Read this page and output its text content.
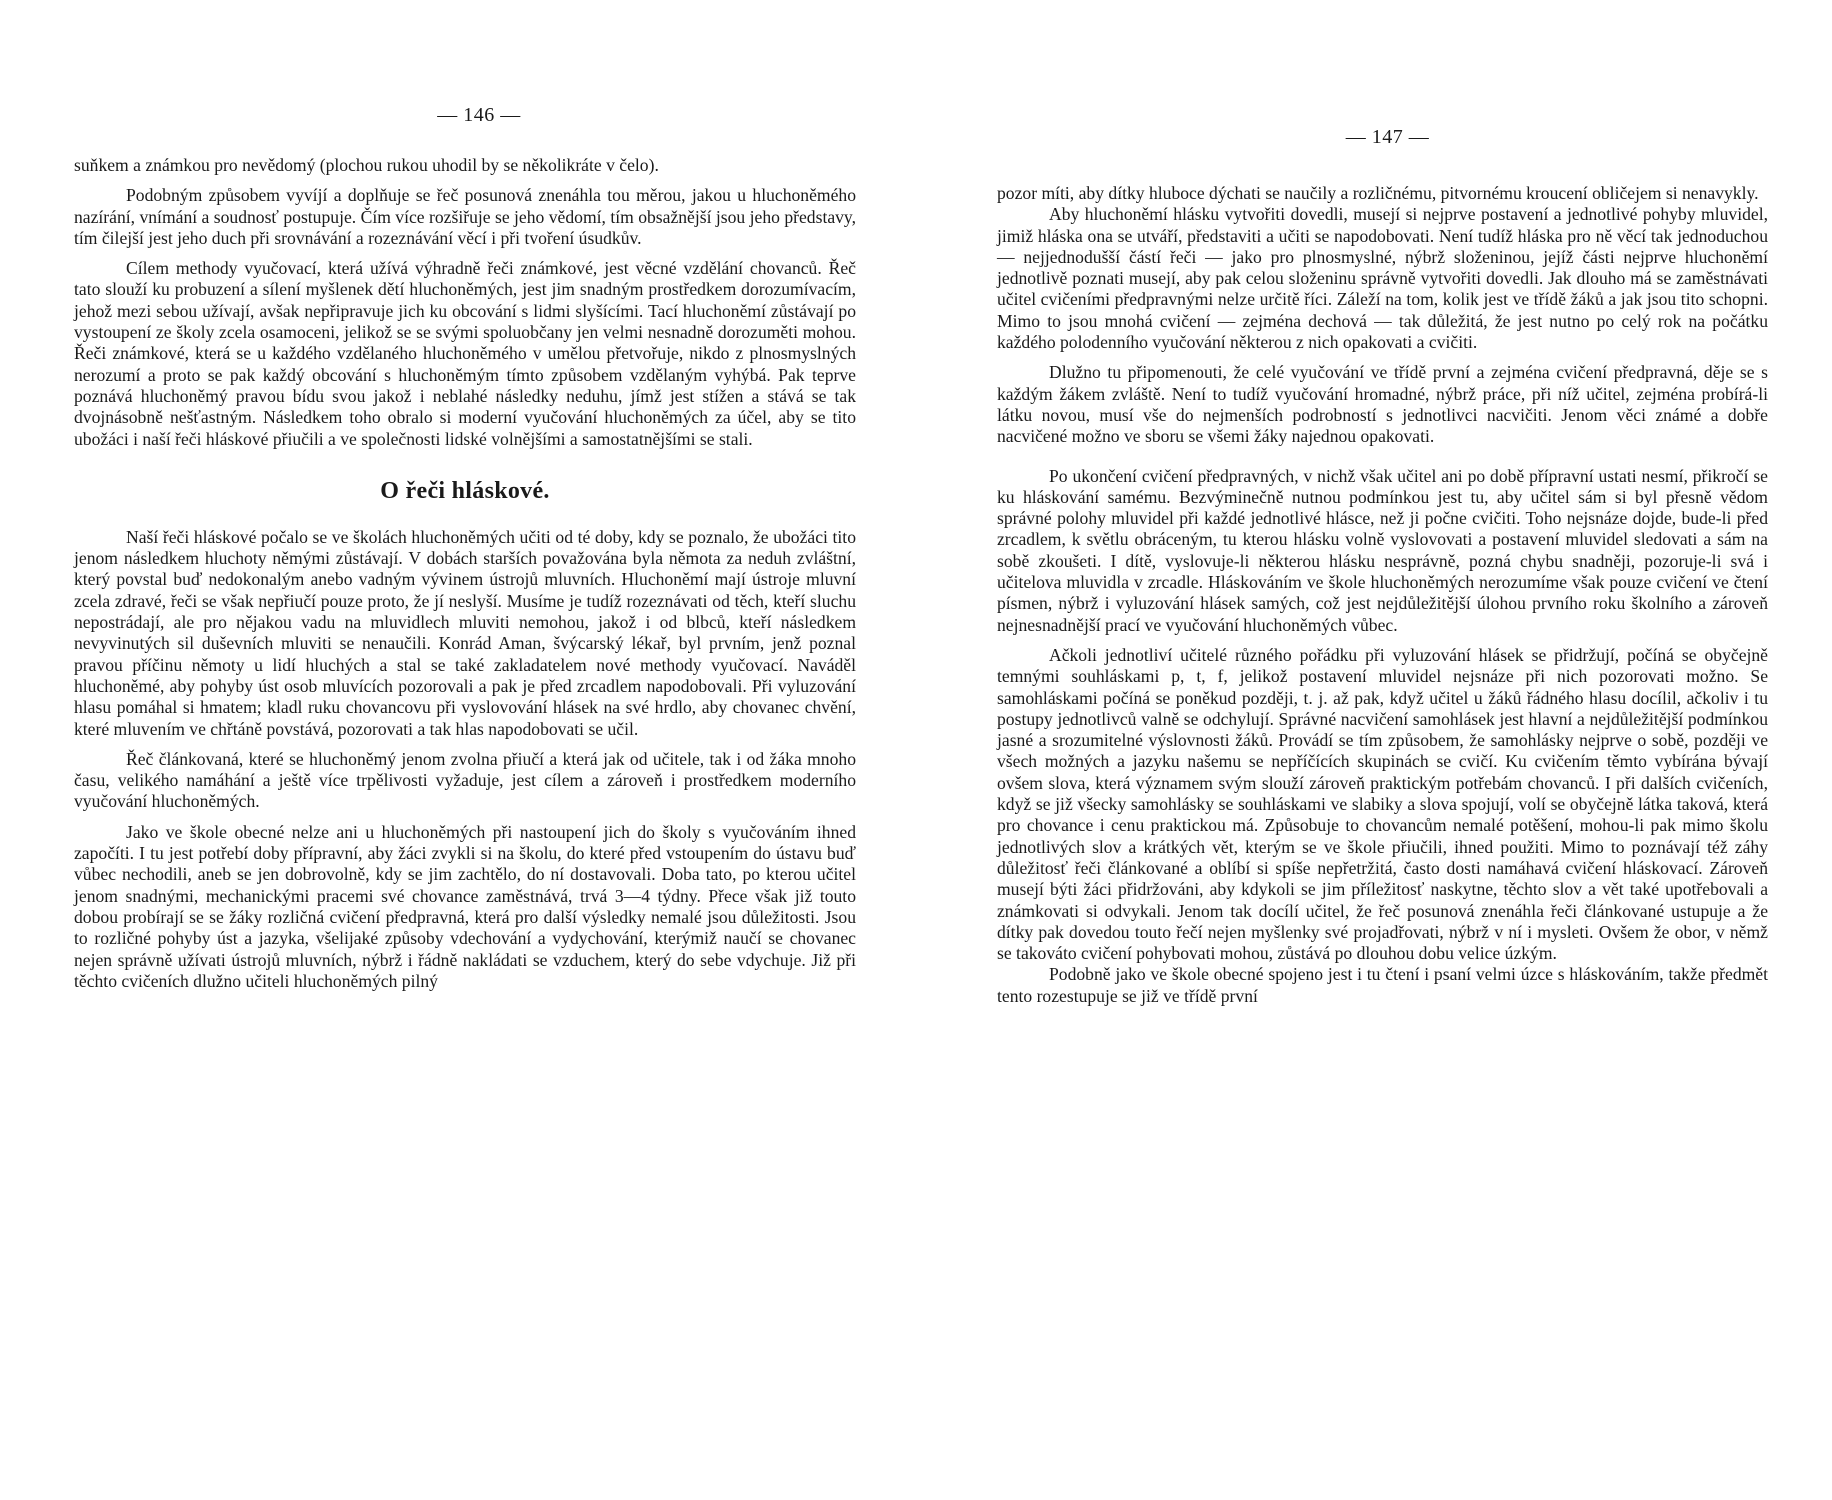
— 146 —

suňkem a známkou pro nevědomý (plochou rukou uhodil by se několikráte v čelo).

Podobným způsobem vyvíjí a doplňuje se řeč posunová znenáhla tou měrou, jakou u hluchoněmého nazírání, vnímání a soudnosť postupuje. Čím více rozšiřuje se jeho vědomí, tím obsažnější jsou jeho představy, tím čilejší jest jeho duch při srovnávání a rozeznávání věcí i při tvoření úsudkův.

Cílem methody vyučovací, která užívá výhradně řeči známkové, jest věcné vzdělání chovanců. Řeč tato slouží ku probuzení a sílení myšlenek dětí hluchoněmých, jest jim snadným prostředkem dorozumívacím, jehož mezi sebou užívají, avšak nepřipravuje jich ku obcování s lidmi slyšícími. Tací hluchoněmí zůstávají po vystoupení ze školy zcela osamoceni, jelikož se se svými spoluobčany jen velmi nesnadně dorozuměti mohou. Řeči známkové, která se u každého vzdělaného hluchoněmého v umělou přetvořuje, nikdo z plnosmyslných nerozumí a proto se pak každý obcování s hluchoněmým tímto způsobem vzdělaným vyhýbá. Pak teprve poznává hluchoněmý pravou bídu svou jakož i neblahé následky neduhu, jímž jest stížen a stává se tak dvojnásobně nešťastným. Následkem toho obralo si moderní vyučování hluchoněmých za účel, aby se tito ubožáci i naší řeči hláskové přiučili a ve společnosti lidské volnějšími a samostatnějšími se stali.

O řeči hláskové.

Naší řeči hláskové počalo se ve školách hluchoněmých učiti od té doby, kdy se poznalo, že ubožáci tito jenom následkem hluchoty němými zůstávají. V dobách starších považována byla němota za neduh zvláštní, který povstal buď nedokonalým anebo vadným vývinem ústrojů mluvních. Hluchoněmí mají ústroje mluvní zcela zdravé, řeči se však nepřiučí pouze proto, že jí neslyší. Musíme je tudíž rozeznávati od těch, kteří sluchu nepostrádají, ale pro nějakou vadu na mluvidlech mluviti nemohou, jakož i od blbců, kteří následkem nevyvinutých sil duševních mluviti se nenaučili. Konrád Aman, švýcarský lékař, byl prvním, jenž poznal pravou příčinu němoty u lidí hluchých a stal se také zakladatelem nové methody vyučovací. Naváděl hluchoněmé, aby pohyby úst osob mluvících pozorovali a pak je před zrcadlem napodobovali. Při vyluzování hlasu pomáhal si hmatem; kladl ruku chovancovu při vyslovování hlásek na své hrdlo, aby chovanec chvění, které mluvením ve chřtáně povstává, pozorovati a tak hlas napodobovati se učil.

Řeč článkovaná, které se hluchoněmý jenom zvolna přiučí a která jak od učitele, tak i od žáka mnoho času, velikého namáhání a ještě více trpělivosti vyžaduje, jest cílem a zároveň i prostředkem moderního vyučování hluchoněmých.

Jako ve škole obecné nelze ani u hluchoněmých při nastoupení jich do školy s vyučováním ihned započíti. I tu jest potřebí doby přípravní, aby žáci zvykli si na školu, do které před vstoupením do ústavu buď vůbec nechodili, aneb se jen dobrovolně, kdy se jim zachtělo, do ní dostavovali. Doba tato, po kterou učitel jenom snadnými, mechanickými pracemi své chovance zaměstnává, trvá 3—4 týdny. Přece však již touto dobou probírají se se žáky rozličná cvičení předpravná, která pro další výsledky nemalé jsou důležitosti. Jsou to rozličné pohyby úst a jazyka, všelijaké způsoby vdechování a vydychování, kterýmiž naučí se chovanec nejen správně užívati ústrojů mluvních, nýbrž i řádně nakládati se vzduchem, který do sebe vdychuje. Již při těchto cvičeních dlužno učiteli hluchoněmých pilný

— 147 —

pozor míti, aby dítky hluboce dýchati se naučily a rozličnému, pitvornému kroucení obličejem si nenavykly.

Aby hluchoněmí hlásku vytvořiti dovedli, musejí si nejprve postavení a jednotlivé pohyby mluvidel, jimiž hláska ona se utváří, představiti a učiti se napodobovati. Není tudíž hláska pro ně věcí tak jednoduchou — nejjednodušší částí řeči — jako pro plnosmyslné, nýbrž složeninou, jejíž části nejprve hluchoněmí jednotlivě poznati musejí, aby pak celou složeninu správně vytvořiti dovedli. Jak dlouho má se zaměstnávati učitel cvičeními předpravnými nelze určitě říci. Záleží na tom, kolik jest ve třídě žáků a jak jsou tito schopni. Mimo to jsou mnohá cvičení — zejména dechová — tak důležitá, že jest nutno po celý rok na počátku každého polodenního vyučování některou z nich opakovati a cvičiti.

Dlužno tu připomenouti, že celé vyučování ve třídě první a zejména cvičení předpravná, děje se s každým žákem zvláště. Není to tudíž vyučování hromadné, nýbrž práce, při níž učitel, zejména probírá-li látku novou, musí vše do nejmenších podrobností s jednotlivci nacvičiti. Jenom věci známé a dobře nacvičené možno ve sboru se všemi žáky najednou opakovati.

Po ukončení cvičení předpravných, v nichž však učitel ani po době přípravní ustati nesmí, přikročí se ku hláskování samému. Bezvýminečně nutnou podmínkou jest tu, aby učitel sám si byl přesně vědom správné polohy mluvidel při každé jednotlivé hlásce, než ji počne cvičiti. Toho nejsnáze dojde, bude-li před zrcadlem, k světlu obráceným, tu kterou hlásku volně vyslovovati a postavení mluvidel sledovati a sám na sobě zkoušeti. I dítě, vyslovuje-li některou hlásku nesprávně, pozná chybu snadněji, pozoruje-li svá i učitelova mluvidla v zrcadle. Hláskováním ve škole hluchoněmých nerozumíme však pouze cvičení ve čtení písmen, nýbrž i vyluzování hlásek samých, což jest nejdůležitější úlohou prvního roku školního a zároveň nejnesnadnější prací ve vyučování hluchoněmých vůbec.

Ačkoli jednotliví učitelé různého pořádku při vyluzování hlásek se přidržují, počíná se obyčejně temnými souhláskami p, t, f, jelikož postavení mluvidel nejsnáze při nich pozorovati možno. Se samohláskami počíná se poněkud později, t. j. až pak, když učitel u žáků řádného hlasu docílil, ačkoliv i tu postupy jednotlivců valně se odchylují. Správné nacvičení samohlásek jest hlavní a nejdůležitější podmínkou jasné a srozumitelné výslovnosti žáků. Provádí se tím způsobem, že samohlásky nejprve o sobě, později ve všech možných a jazyku našemu se nepříčících skupinách se cvičí. Ku cvičením těmto vybírána bývají ovšem slova, která významem svým slouží zároveň praktickým potřebám chovanců. I při dalších cvičeních, když se již všecky samohlásky se souhláskami ve slabiky a slova spojují, volí se obyčejně látka taková, která pro chovance i cenu praktickou má. Způsobuje to chovancům nemalé potěšení, mohou-li pak mimo školu jednotlivých slov a krátkých vět, kterým se ve škole přiučili, ihned použiti. Mimo to poznávají též záhy důležitosť řeči článkované a oblíbí si spíše nepřetržitá, často dosti namáhavá cvičení hláskovací. Zároveň musejí býti žáci přidržováni, aby kdykoli se jim příležitosť naskytne, těchto slov a vět také upotřebovali a známkovati si odvykali. Jenom tak docílí učitel, že řeč posunová znenáhla řeči článkované ustupuje a že dítky pak dovedou touto řečí nejen myšlenky své projadřovati, nýbrž v ní i mysleti. Ovšem že obor, v němž se takováto cvičení pohybovati mohou, zůstává po dlouhou dobu velice úzkým.

Podobně jako ve škole obecné spojeno jest i tu čtení i psaní velmi úzce s hláskováním, takže předmět tento rozestupuje se již ve třídě první
